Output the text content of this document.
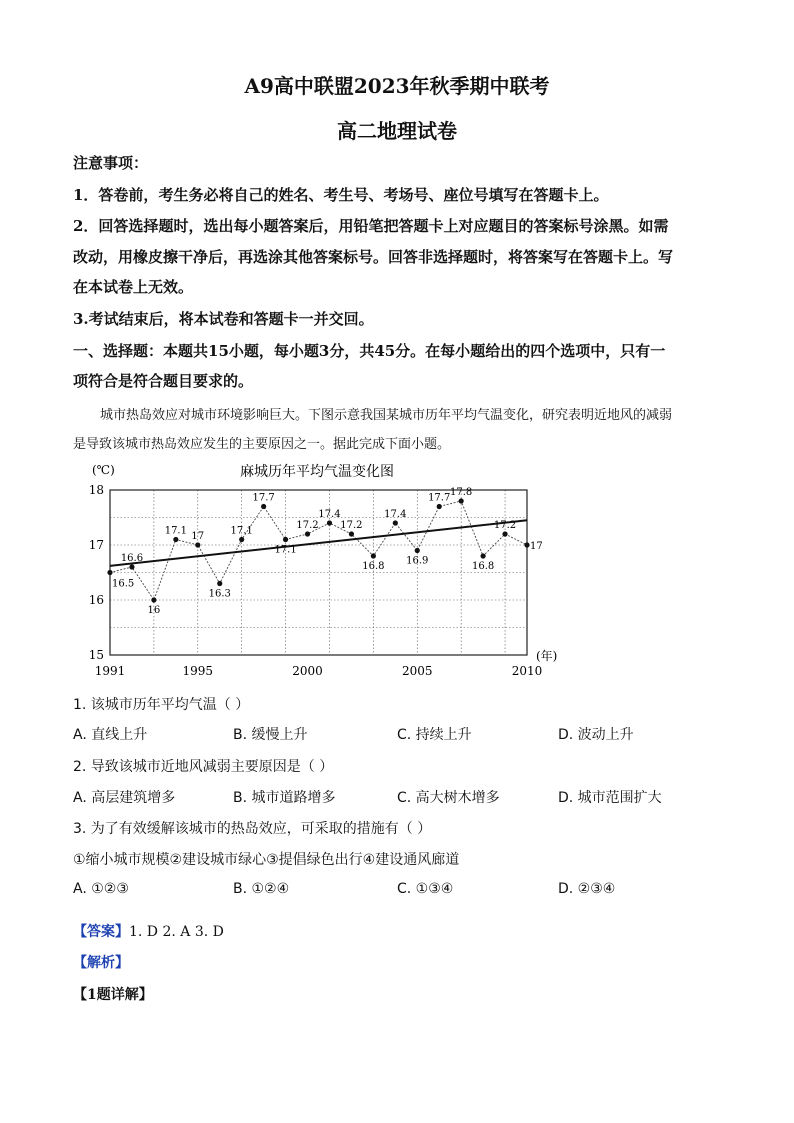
A9高中联盟2023年秋季期中联考
高二地理试卷
注意事项：
1．答卷前，考生务必将自己的姓名、考生号、考场号、座位号填写在答题卡上。
2．回答选择题时，选出每小题答案后，用铅笔把答题卡上对应题目的答案标号涂黑。如需
改动，用橡皮擦干净后，再选涂其他答案标号。回答非选择题时，将答案写在答题卡上。写
在本试卷上无效。
3.考试结束后，将本试卷和答题卡一并交回。
一、选择题：本题共15小题，每小题3分，共45分。在每小题给出的四个选项中，只有一
项符合是符合题目要求的。
城市热岛效应对城市环境影响巨大。下图示意我国某城市历年平均气温变化，研究表明近地风的减弱
是导致该城市热岛效应发生的主要原因之一。据此完成下面小题。
麻城历年平均气温变化图
(℃)
(年)
15
16
17
18
1991	1995	2000	2005	2010
16.5
16.6
16
17.1 17
16.3
17.1
17.7
17.1
17.2
17.4
17.2
16.8
17.4
16.9
17.7 17.8
16.8
17.2
17
1. 该城市历年平均气温（ ）
A. 直线上升	B. 缓慢上升	C. 持续上升	D. 波动上升
2. 导致该城市近地风减弱主要原因是（ ）
A. 高层建筑增多	B. 城市道路增多	C. 高大树木增多	D. 城市范围扩大
3. 为了有效缓解该城市的热岛效应，可采取的措施有（ ）
①缩小城市规模②建设城市绿心③提倡绿色出行④建设通风廊道
A. ①②③	B. ①②④	C. ①③④	D. ②③④
【答案】1. D 2. A 3. D
【解析】
【1题详解】
